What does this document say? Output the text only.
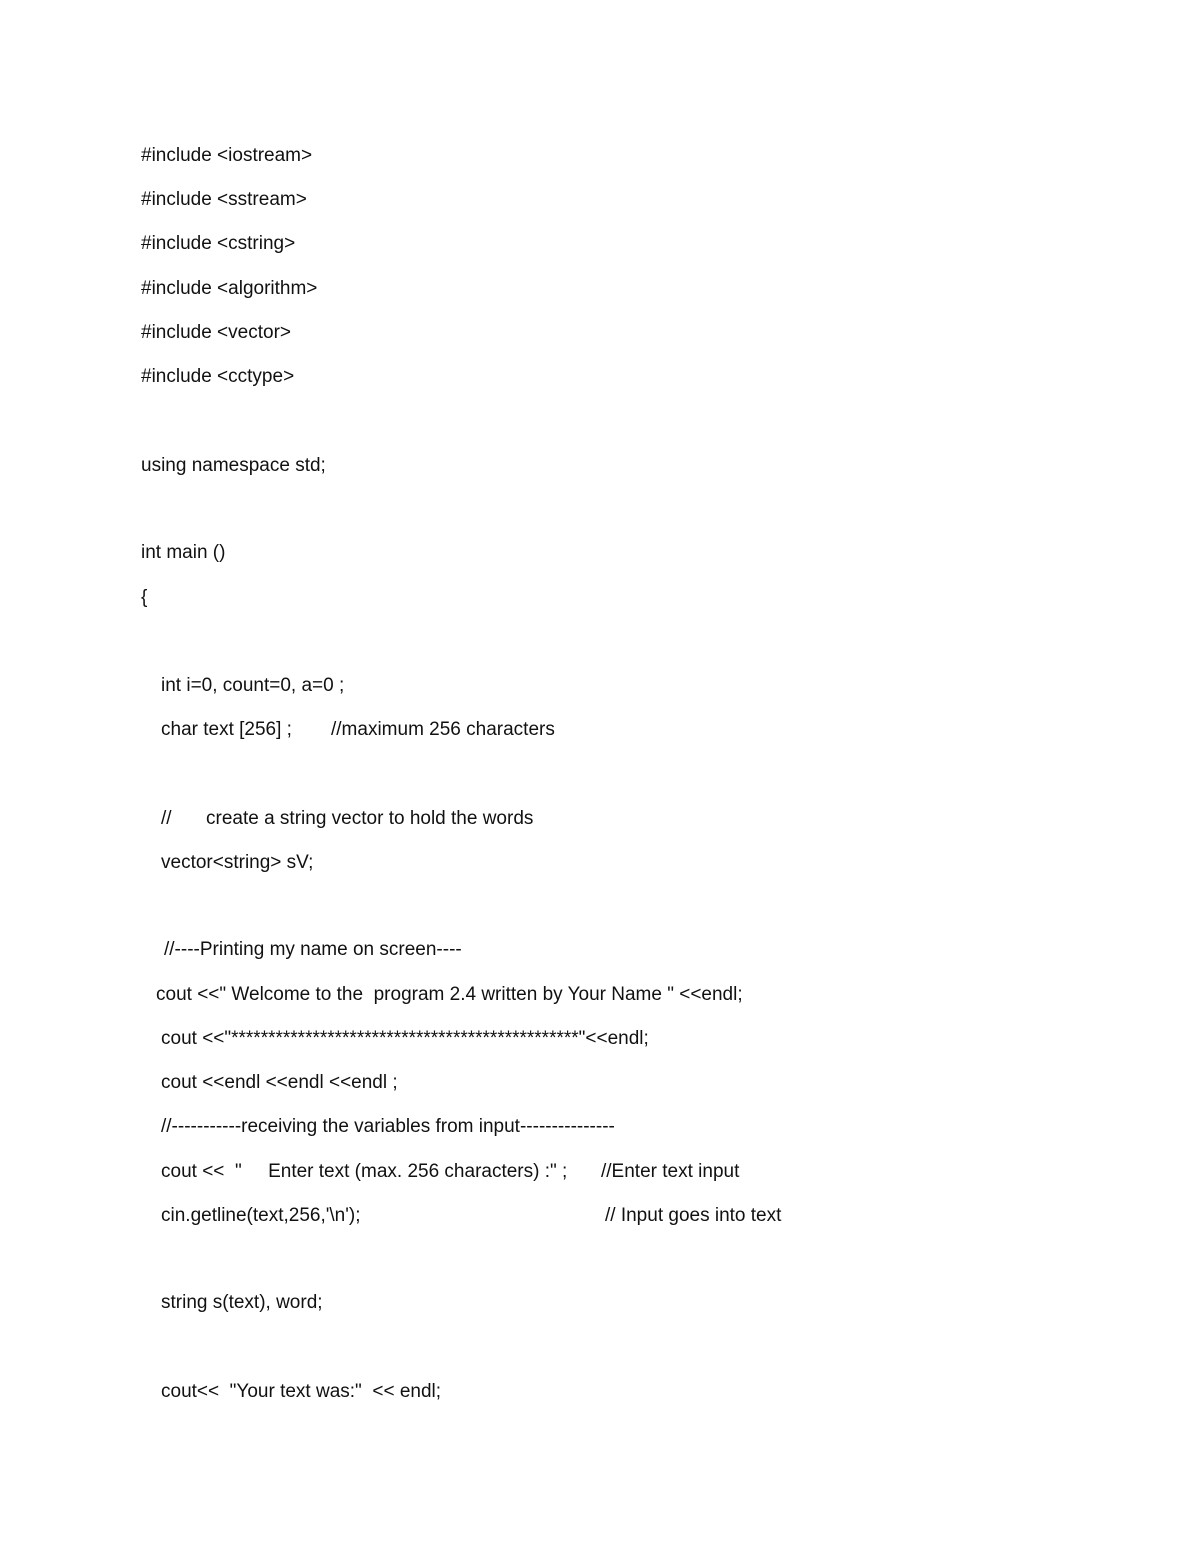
#include <iostream>
#include <sstream>
#include <cstring>
#include <algorithm>
#include <vector>
#include <cctype>
using namespace std;
int main ()
{
int i=0, count=0, a=0 ;
char text [256] ; //maximum 256 characters
// create a string vector to hold the words
vector<string> sV;
//----Printing my name on screen----
cout <<" Welcome to the  program 2.4 written by Your Name " <<endl;
cout <<"***********************************************"<<endl;
cout <<endl <<endl <<endl ;
//-----------receiving the variables from input---------------
cout <<  "     Enter text (max. 256 characters) :" ; //Enter text input
cin.getline(text,256,'\n');	// Input goes into text
string s(text), word;
cout<<  "Your text was:"  << endl;
